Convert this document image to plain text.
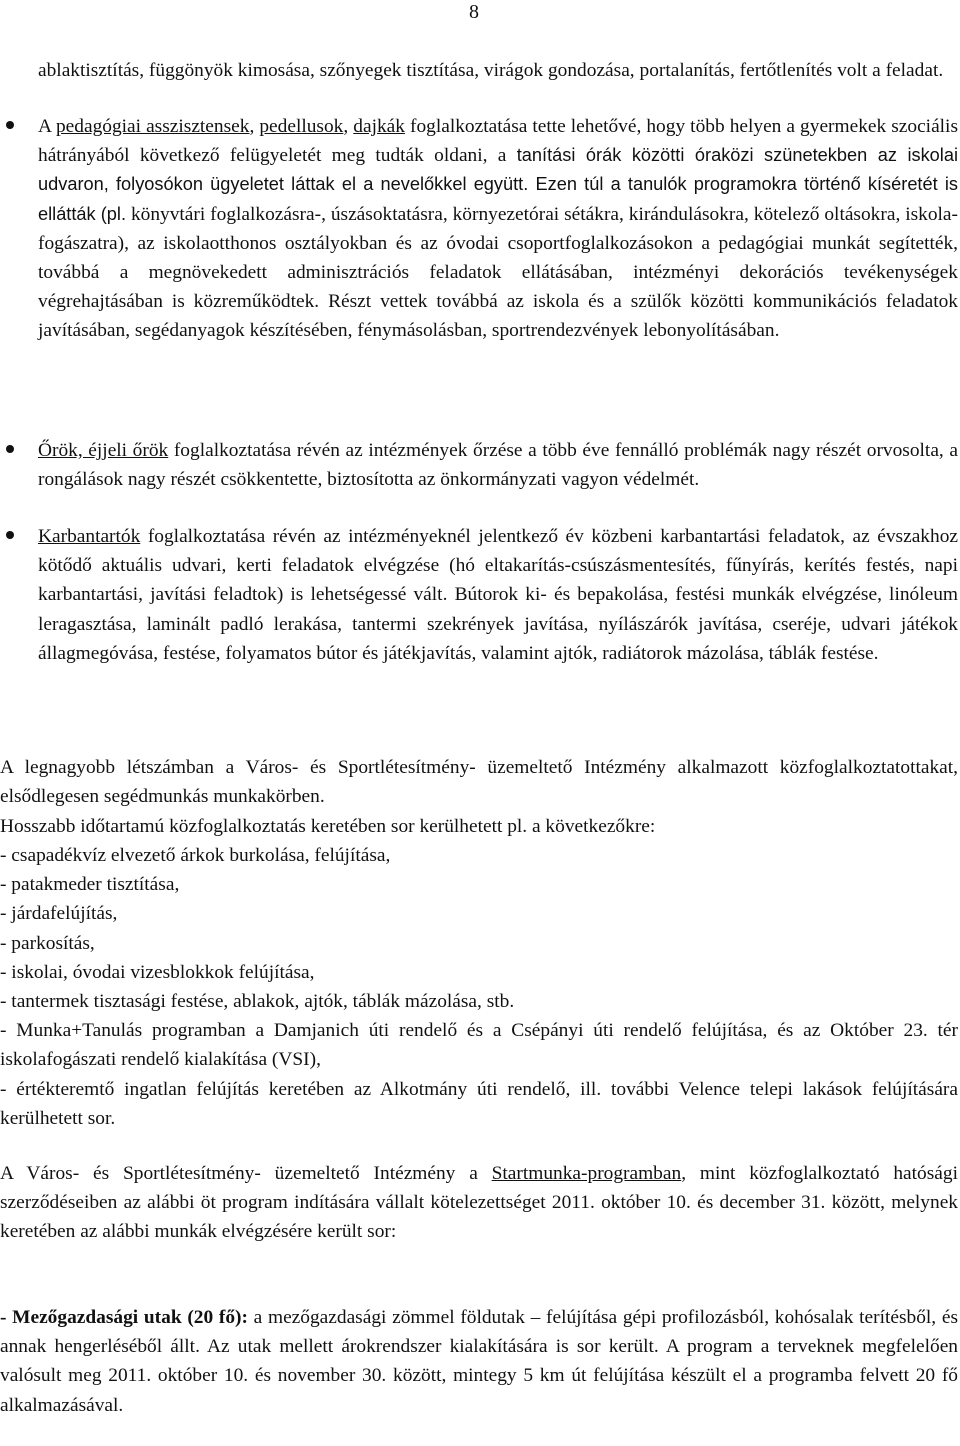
8
ablaktisztítás, függönyök kimosása, szőnyegek tisztítása, virágok gondozása, portalanítás, fertőtlenítés volt a feladat.
A pedagógiai asszisztensek, pedellusok, dajkák foglalkoztatása tette lehetővé, hogy több helyen a gyermekek szociális hátrányából következő felügyeletét meg tudták oldani, a tanítási órák közötti óraközi szünetekben az iskolai udvaron, folyosókon ügyeletet láttak el a nevelőkkel együtt. Ezen túl a tanulók programokra történő kíséretét is ellátták (pl. könyvtári foglalkozásra-, úszásoktatásra, környezetórai sétákra, kirándulásokra, kötelező oltásokra, iskola-fogászatra), az iskolaotthonos osztályokban és az óvodai csoportfoglalkozásokon a pedagógiai munkát segítették, továbbá a megnövekedett adminisztrációs feladatok ellátásában, intézményi dekorációs tevékenységek végrehajtásában is közreműködtek. Részt vettek továbbá az iskola és a szülők közötti kommunikációs feladatok javításában, segédanyagok készítésében, fénymásolásban, sportrendezvények lebonyolításában.
Őrök, éjjeli őrök foglalkoztatása révén az intézmények őrzése a több éve fennálló problémák nagy részét orvosolta, a rongálások nagy részét csökkentette, biztosította az önkormányzati vagyon védelmét.
Karbantartók foglalkoztatása révén az intézményeknél jelentkező év közbeni karbantartási feladatok, az évszakhoz kötődő aktuális udvari, kerti feladatok elvégzése (hó eltakarítás-csúszásmentesítés, fűnyírás, kerítés festés, napi karbantartási, javítási feladtok) is lehetségessé vált. Bútorok ki- és bepakolása, festési munkák elvégzése, linóleum leragasztása, laminált padló lerakása, tantermi szekrények javítása, nyílászárók javítása, cseréje, udvari játékok állagmegóvása, festése, folyamatos bútor és játékjavítás, valamint ajtók, radiátorok mázolása, táblák festése.
A legnagyobb létszámban a Város- és Sportlétesítmény- üzemeltető Intézmény alkalmazott közfoglalkoztatottakat, elsődlegesen segédmunkás munkakörben.
Hosszabb időtartamú közfoglalkoztatás keretében sor kerülhetett pl. a következőkre:
- csapadékvíz elvezető árkok burkolása, felújítása,
- patakmeder tisztítása,
- járdafelújítás,
- parkosítás,
- iskolai, óvodai vizesblokkok felújítása,
- tantermek tisztasági festése, ablakok, ajtók, táblák mázolása, stb.
- Munka+Tanulás programban a Damjanich úti rendelő és a Csépányi úti rendelő felújítása, és az Október 23. tér iskolafogászati rendelő kialakítása (VSI),
- értékteremtő ingatlan felújítás keretében az Alkotmány úti rendelő, ill. további Velence telepi lakások felújítására kerülhetett sor.
A Város- és Sportlétesítmény- üzemeltető Intézmény a Startmunka-programban, mint közfoglalkoztató hatósági szerződéseiben az alábbi öt program indítására vállalt kötelezettséget 2011. október 10. és december 31. között, melynek keretében az alábbi munkák elvégzésére került sor:
- Mezőgazdasági utak (20 fő): a mezőgazdasági zömmel földutak – felújítása gépi profilozásból, kohósalak terítésből, és annak hengerléséből állt. Az utak mellett árokrendszer kialakítására is sor került. A program a terveknek megfelelően valósult meg 2011. október 10. és november 30. között, mintegy 5 km út felújítása készült el a programba felvett 20 fő alkalmazásával.
